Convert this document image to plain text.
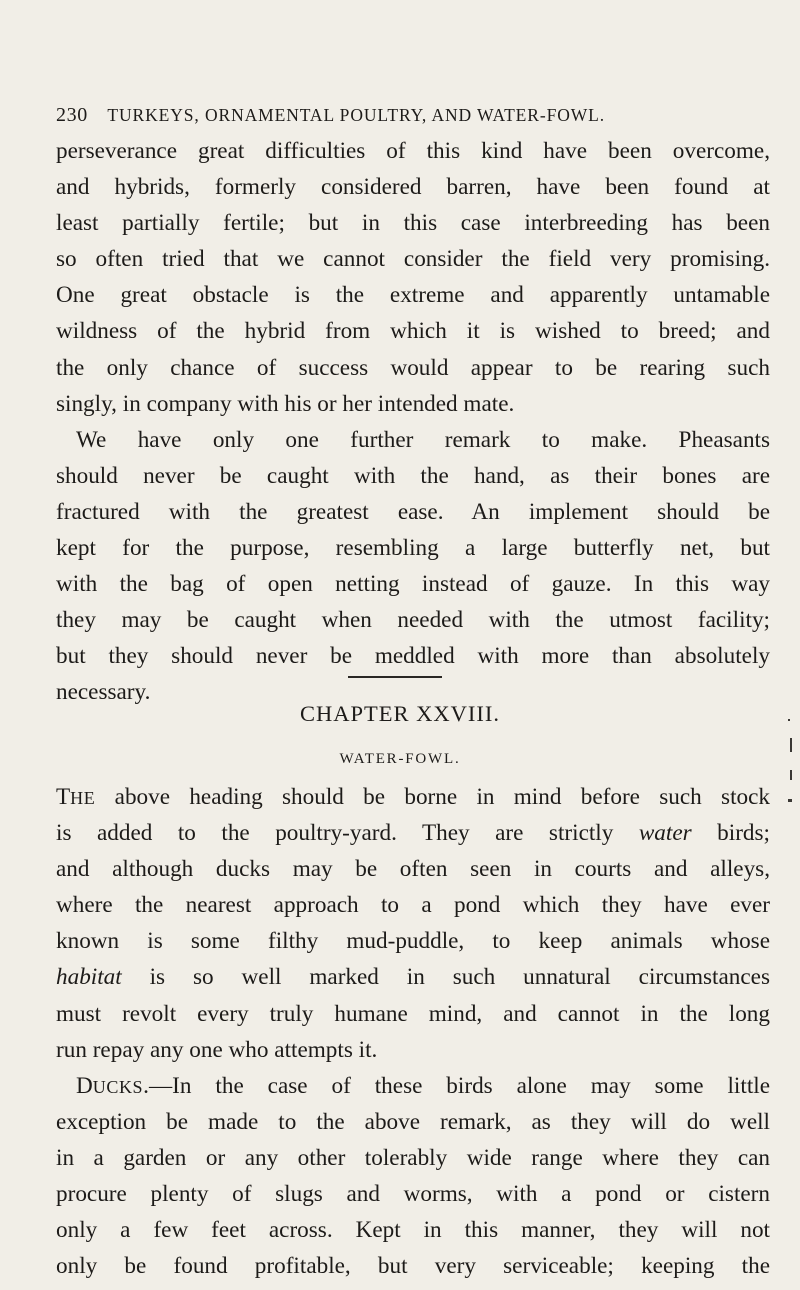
230 TURKEYS, ORNAMENTAL POULTRY, AND WATER-FOWL.
perseverance great difficulties of this kind have been overcome,
and hybrids, formerly considered barren, have been found at
least partially fertile; but in this case interbreeding has been
so often tried that we cannot consider the field very promising.
One great obstacle is the extreme and apparently untamable
wildness of the hybrid from which it is wished to breed; and
the only chance of success would appear to be rearing such
singly, in company with his or her intended mate.
We have only one further remark to make. Pheasants
should never be caught with the hand, as their bones are
fractured with the greatest ease. An implement should be
kept for the purpose, resembling a large butterfly net, but
with the bag of open netting instead of gauze. In this way
they may be caught when needed with the utmost facility;
but they should never be meddled with more than absolutely
necessary.
CHAPTER XXVIII.
WATER-FOWL.
THE above heading should be borne in mind before such stock
is added to the poultry-yard. They are strictly water birds;
and although ducks may be often seen in courts and alleys,
where the nearest approach to a pond which they have ever
known is some filthy mud-puddle, to keep animals whose
habitat is so well marked in such unnatural circumstances
must revolt every truly humane mind, and cannot in the long
run repay any one who attempts it.
DUCKS.—In the case of these birds alone may some little
exception be made to the above remark, as they will do well
in a garden or any other tolerably wide range where they can
procure plenty of slugs and worms, with a pond or cistern
only a few feet across. Kept in this manner, they will not
only be found profitable, but very serviceable; keeping the
